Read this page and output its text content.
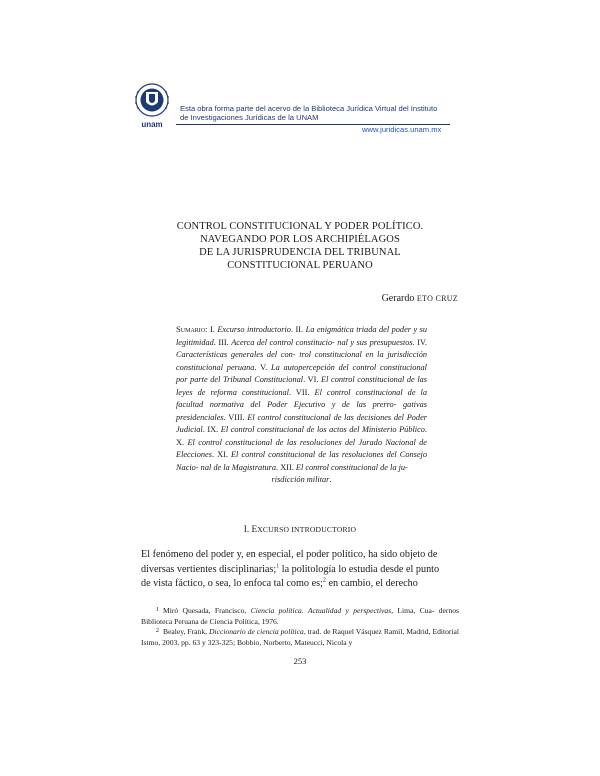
unam
Esta obra forma parte del acervo de la Biblioteca Jurídica Virtual del Instituto
de Investigaciones Jurídicas de la UNAM
www.juridicas.unam.mx
CONTROL CONSTITUCIONAL Y PODER POLÍTICO.
NAVEGANDO POR LOS ARCHIPIÉLAGOS
DE LA JURISPRUDENCIA DEL TRIBUNAL
CONSTITUCIONAL PERUANO
Gerardo ETO CRUZ
Sumario: I. Excurso introductorio. II. La enigmática triada del poder y su legitimidad. III. Acerca del control constitucio- nal y sus presupuestos. IV. Características generales del con- trol constitucional en la jurisdicción constitucional peruana. V. La autopercepción del control constitucional por parte del Tribunal Constitucional. VI. El control constitucional de las leyes de reforma constitucional. VII. El control constitucional de la facultad normativa del Poder Ejecutivo y de las prerro- gativas presidenciales. VIII. El control constitucional de las decisiones del Poder Judicial. IX. El control constitucional de los actos del Ministerio Público. X. El control constitucional de las resoluciones del Jurado Nacional de Elecciones. XI. El control constitucional de las resoluciones del Consejo Nacio- nal de la Magistratura. XII. El control constitucional de la ju-
risdicción militar.
I. EXCURSO INTRODUCTORIO
El fenómeno del poder y, en especial, el poder político, ha sido objeto de
diversas vertientes disciplinarias;$^1$ la politología lo estudia desde el punto
de vista fáctico, o sea, lo enfoca tal como es;$^2$ en cambio, el derecho
1 Miró Quesada, Francisco, Ciencia política. Actualidad y perspectivas, Lima, Cua- dernos Biblioteca Peruana de Ciencia Política, 1976.
2 Bealey, Frank, Diccionario de ciencia política, trad. de Raquel Vásquez Ramil, Madrid, Editorial Istmo, 2003, pp. 63 y 323-325; Bobbio, Norberto, Mateucci, Nicola y
253
